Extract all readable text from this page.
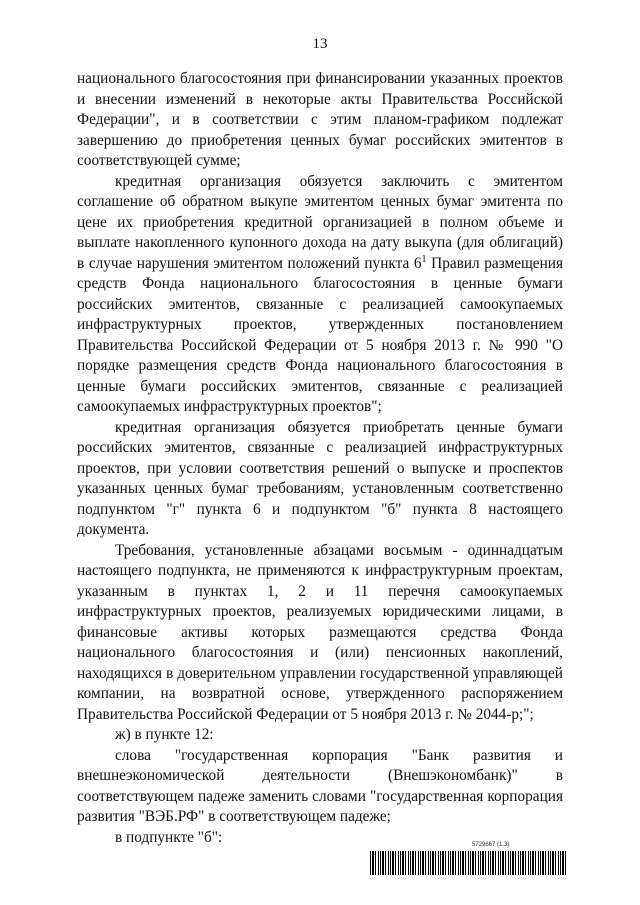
13

национального благосостояния при финансировании указанных проектов и внесении изменений в некоторые акты Правительства Российской Федерации", и в соответствии с этим планом-графиком подлежат завершению до приобретения ценных бумаг российских эмитентов в соответствующей сумме;

кредитная организация обязуется заключить с эмитентом соглашение об обратном выкупе эмитентом ценных бумаг эмитента по цене их приобретения кредитной организацией в полном объеме и выплате накопленного купонного дохода на дату выкупа (для облигаций) в случае нарушения эмитентом положений пункта $6^1$ Правил размещения средств Фонда национального благосостояния в ценные бумаги российских эмитентов, связанные с реализацией самоокупаемых инфраструктурных проектов, утвержденных постановлением Правительства Российской Федерации от 5 ноября 2013 г. № 990 "О порядке размещения средств Фонда национального благосостояния в ценные бумаги российских эмитентов, связанные с реализацией самоокупаемых инфраструктурных проектов";

кредитная организация обязуется приобретать ценные бумаги российских эмитентов, связанные с реализацией инфраструктурных проектов, при условии соответствия решений о выпуске и проспектов указанных ценных бумаг требованиям, установленным соответственно подпунктом "г" пункта 6 и подпунктом "б" пункта 8 настоящего документа.

Требования, установленные абзацами восьмым - одиннадцатым настоящего подпункта, не применяются к инфраструктурным проектам, указанным в пунктах 1, 2 и 11 перечня самоокупаемых инфраструктурных проектов, реализуемых юридическими лицами, в финансовые активы которых размещаются средства Фонда национального благосостояния и (или) пенсионных накоплений, находящихся в доверительном управлении государственной управляющей компании, на возвратной основе, утвержденного распоряжением Правительства Российской Федерации от 5 ноября 2013 г. № 2044-р;";

ж) в пункте 12:

слова "государственная корпорация "Банк развития и внешнеэкономической деятельности (Внешэкономбанк)" в соответствующем падеже заменить словами "государственная корпорация развития "ВЭБ.РФ" в соответствующем падеже;

в подпункте "б":	5729667 (1.3)
